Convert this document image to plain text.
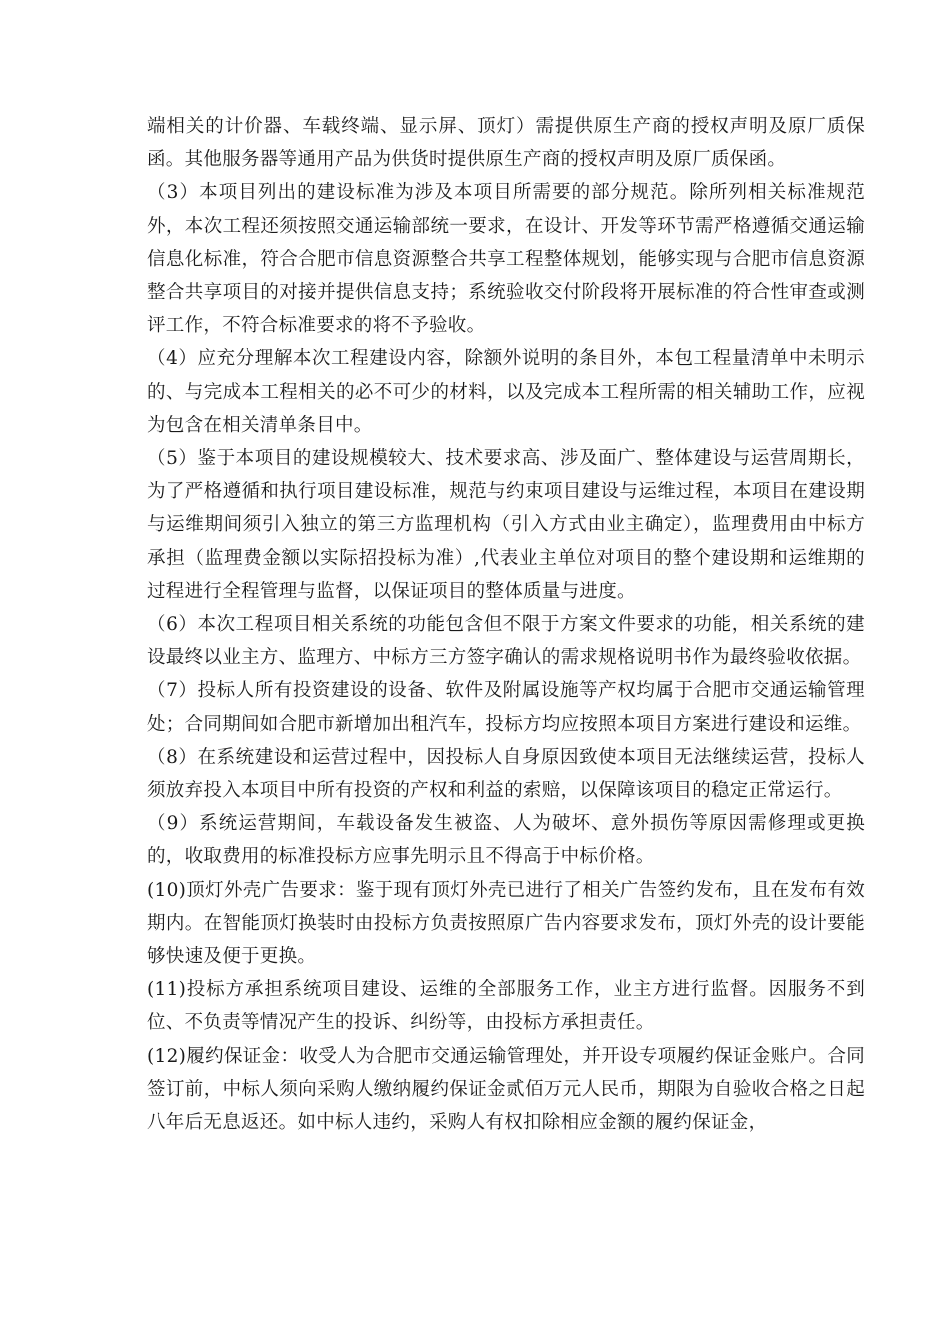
端相关的计价器、车载终端、显示屏、顶灯）需提供原生产商的授权声明及原厂质保函。其他服务器等通用产品为供货时提供原生产商的授权声明及原厂质保函。

（3）本项目列出的建设标准为涉及本项目所需要的部分规范。除所列相关标准规范外，本次工程还须按照交通运输部统一要求，在设计、开发等环节需严格遵循交通运输信息化标准，符合合肥市信息资源整合共享工程整体规划，能够实现与合肥市信息资源整合共享项目的对接并提供信息支持；系统验收交付阶段将开展标准的符合性审查或测评工作，不符合标准要求的将不予验收。

（4）应充分理解本次工程建设内容，除额外说明的条目外，本包工程量清单中未明示的、与完成本工程相关的必不可少的材料，以及完成本工程所需的相关辅助工作，应视为包含在相关清单条目中。

（5）鉴于本项目的建设规模较大、技术要求高、涉及面广、整体建设与运营周期长，为了严格遵循和执行项目建设标准，规范与约束项目建设与运维过程，本项目在建设期与运维期间须引入独立的第三方监理机构（引入方式由业主确定），监理费用由中标方承担（监理费金额以实际招投标为准）,代表业主单位对项目的整个建设期和运维期的过程进行全程管理与监督，以保证项目的整体质量与进度。

（6）本次工程项目相关系统的功能包含但不限于方案文件要求的功能，相关系统的建设最终以业主方、监理方、中标方三方签字确认的需求规格说明书作为最终验收依据。

（7）投标人所有投资建设的设备、软件及附属设施等产权均属于合肥市交通运输管理处；合同期间如合肥市新增加出租汽车，投标方均应按照本项目方案进行建设和运维。

（8）在系统建设和运营过程中，因投标人自身原因致使本项目无法继续运营，投标人须放弃投入本项目中所有投资的产权和利益的索赔，以保障该项目的稳定正常运行。

（9）系统运营期间，车载设备发生被盗、人为破坏、意外损伤等原因需修理或更换的，收取费用的标准投标方应事先明示且不得高于中标价格。

(10)顶灯外壳广告要求：鉴于现有顶灯外壳已进行了相关广告签约发布，且在发布有效期内。在智能顶灯换装时由投标方负责按照原广告内容要求发布，顶灯外壳的设计要能够快速及便于更换。

(11)投标方承担系统项目建设、运维的全部服务工作，业主方进行监督。因服务不到位、不负责等情况产生的投诉、纠纷等，由投标方承担责任。

(12)履约保证金：收受人为合肥市交通运输管理处，并开设专项履约保证金账户。合同签订前，中标人须向采购人缴纳履约保证金贰佰万元人民币，期限为自验收合格之日起八年后无息返还。如中标人违约，采购人有权扣除相应金额的履约保证金，
